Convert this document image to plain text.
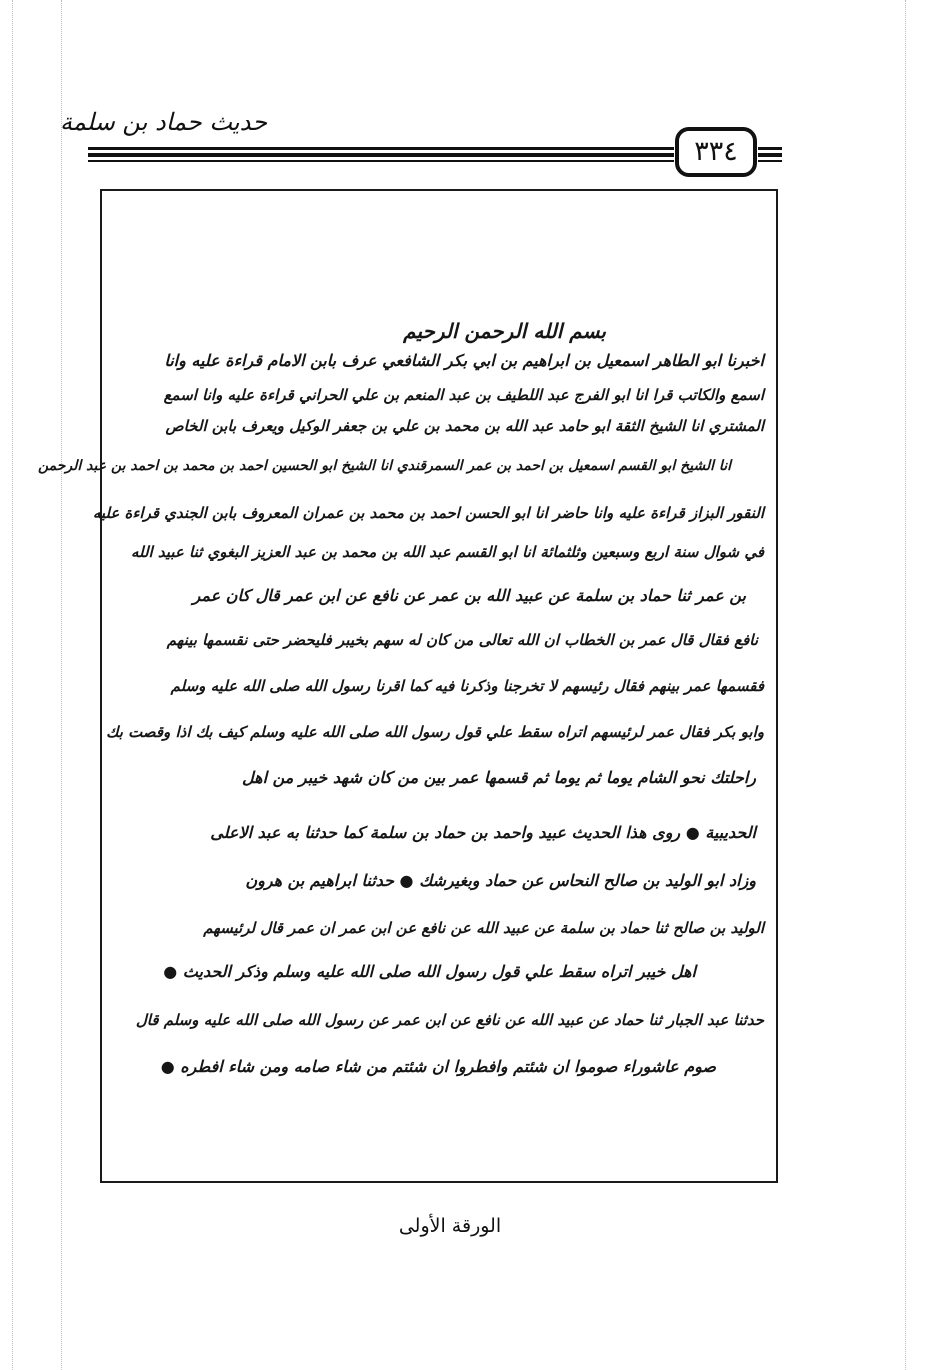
حديث حماد بن سلمة
٣٣٤
بسم الله الرحمن الرحيم
اخبرنا ابو الطاهر اسمعيل بن ابراهيم بن ابي بكر الشافعي عرف بابن الامام قراءة عليه وانا
اسمع والكاتب قرا انا ابو الفرج عبد اللطيف بن عبد المنعم بن علي الحراني قراءة عليه وانا اسمع
المشتري انا الشيخ الثقة ابو حامد عبد الله بن محمد بن علي بن جعفر الوكيل ويعرف بابن الخاص
انا الشيخ ابو القسم اسمعيل بن احمد بن عمر السمرقندي انا الشيخ ابو الحسين احمد بن محمد بن احمد بن عبد الرحمن
النقور البزاز قراءة عليه وانا حاضر انا ابو الحسن احمد بن محمد بن عمران المعروف بابن الجندي قراءة عليه
في شوال سنة اربع وسبعين وثلثمائة انا ابو القسم عبد الله بن محمد بن عبد العزيز البغوي ثنا عبيد الله
بن عمر ثنا حماد بن سلمة عن عبيد الله بن عمر عن نافع عن ابن عمر قال كان عمر
نافع فقال قال عمر بن الخطاب ان الله تعالى من كان له سهم بخيبر فليحضر حتى نقسمها بينهم
فقسمها عمر بينهم فقال رئيسهم لا تخرجنا وذكرنا فيه كما اقرنا رسول الله صلى الله عليه وسلم
وابو بكر فقال عمر لرئيسهم اتراه سقط علي قول رسول الله صلى الله عليه وسلم كيف بك اذا وقصت بك
راحلتك نحو الشام يوما ثم يوما ثم قسمها عمر بين من كان شهد خيبر من اهل
الحديبية ● روى هذا الحديث عبيد واحمد بن حماد بن سلمة كما حدثنا به عبد الاعلى
وزاد ابو الوليد بن صالح النحاس عن حماد وبغيرشك ● حدثنا ابراهيم بن هرون
الوليد بن صالح ثنا حماد بن سلمة عن عبيد الله عن نافع عن ابن عمر ان عمر قال لرئيسهم
اهل خيبر اتراه سقط علي قول رسول الله صلى الله عليه وسلم وذكر الحديث ●
حدثنا عبد الجبار ثنا حماد عن عبيد الله عن نافع عن ابن عمر عن رسول الله صلى الله عليه وسلم قال
صوم عاشوراء صوموا ان شئتم وافطروا ان شئتم من شاء صامه ومن شاء افطره ●
الورقة الأولى
